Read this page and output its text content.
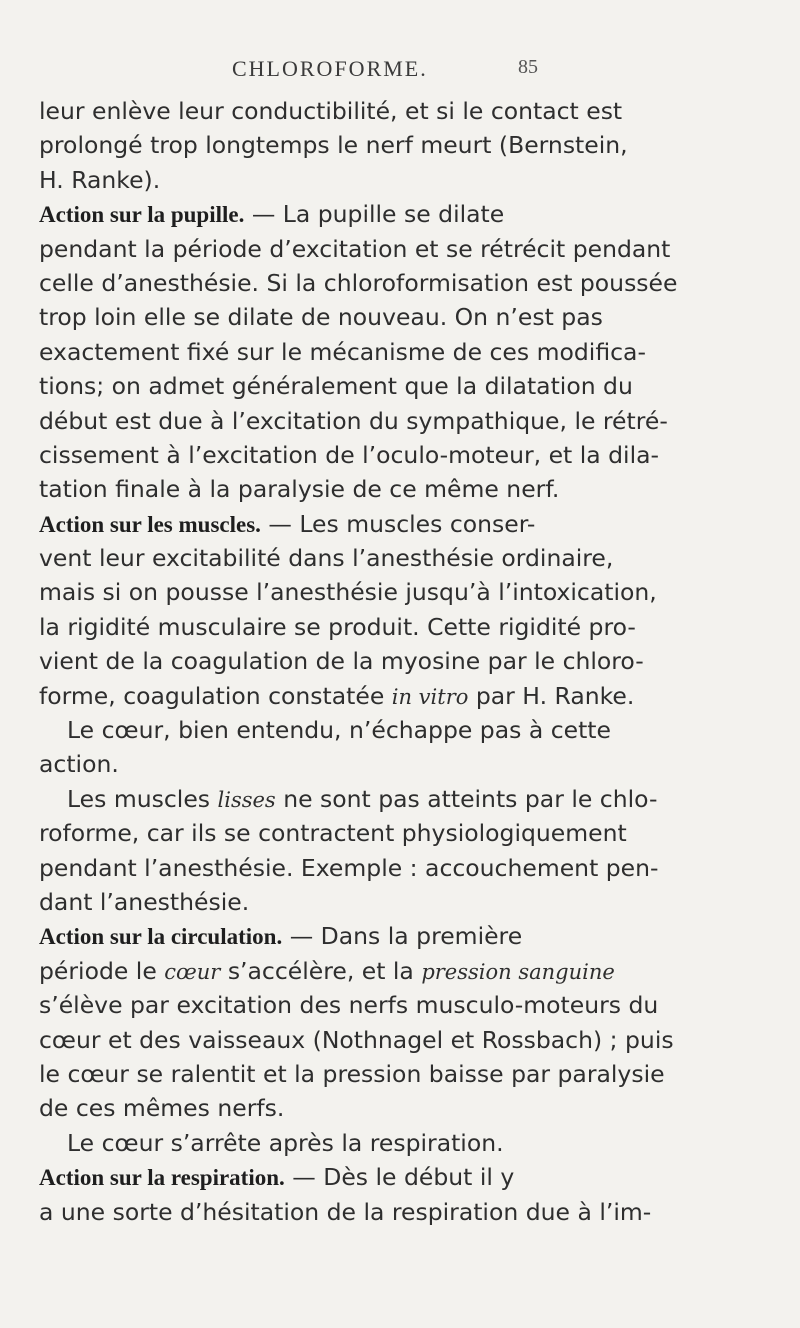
CHLOROFORME.	85
leur enlève leur conductibilité, et si le contact est
prolongé trop longtemps le nerf meurt (Bernstein,
H. Ranke).
Action sur la pupille. — La pupille se dilate
pendant la période d’excitation et se rétrécit pendant
celle d’anesthésie. Si la chloroformisation est poussée
trop loin elle se dilate de nouveau. On n’est pas
exactement fixé sur le mécanisme de ces modifica-
tions; on admet généralement que la dilatation du
début est due à l’excitation du sympathique, le rétré-
cissement à l’excitation de l’oculo-moteur, et la dila-
tation finale à la paralysie de ce même nerf.
Action sur les muscles. — Les muscles conser-
vent leur excitabilité dans l’anesthésie ordinaire,
mais si on pousse l’anesthésie jusqu’à l’intoxication,
la rigidité musculaire se produit. Cette rigidité pro-
vient de la coagulation de la myosine par le chloro-
forme, coagulation constatée in vitro par H. Ranke.
Le cœur, bien entendu, n’échappe pas à cette
action.
Les muscles lisses ne sont pas atteints par le chlo-
roforme, car ils se contractent physiologiquement
pendant l’anesthésie. Exemple : accouchement pen-
dant l’anesthésie.
Action sur la circulation. — Dans la première
période le cœur s’accélère, et la pression sanguine
s’élève par excitation des nerfs musculo-moteurs du
cœur et des vaisseaux (Nothnagel et Rossbach) ; puis
le cœur se ralentit et la pression baisse par paralysie
de ces mêmes nerfs.
Le cœur s’arrête après la respiration.
Action sur la respiration. — Dès le début il y
a une sorte d’hésitation de la respiration due à l’im-
